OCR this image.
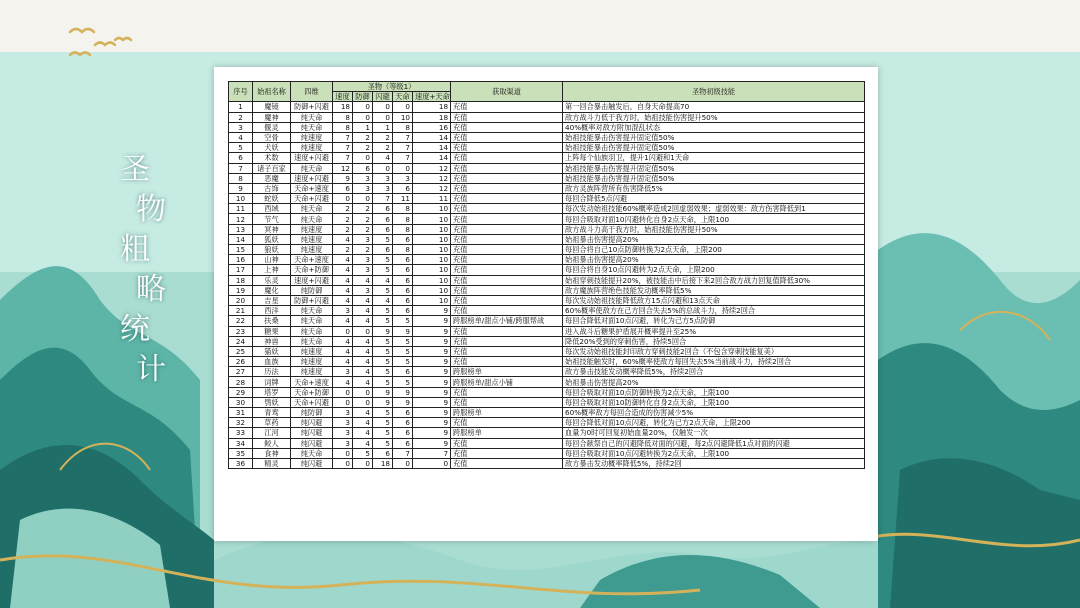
圣
物
粗
略
统
计
序号	始祖名称	四维	圣物（等级1）					获取渠道	圣物初级技能
			速度	防御	闪避	天命	速度+天命		
1	魔镜	防御+闪避	18	0	0	0	18	充值	第一回合暴击触发后，自身天命提高70
2	魔神	纯天命	8	0	0	10	18	充值	敌方战斗力低于我方时，始祖技能伤害提升50%
3	偃灵	纯天命	8	1	1	8	16	充值	40%概率对敌方附加混乱状态
4	空骨	纯速度	7	2	2	7	14	充值	始祖技能暴击伤害提升固定值50%
5	犬妖	纯速度	7	2	2	7	14	充值	始祖技能暴击伤害提升固定值50%
6	术数	速度+闪避	7	0	4	7	14	充值	上阵每个仙族羽卫，提升1闪避和1天命
7	诸子百家	纯天命	12	6	0	0	12	充值	始祖技能暴击伤害提升固定值50%
8	恶魔	速度+闪避	9	3	3	3	12	充值	始祖技能暴击伤害提升固定值50%
9	古饰	天命+速度	6	3	3	6	12	充值	敌方灵族阵营所有伤害降低5%
10	蛇妖	天命+闪避	0	0	7	11	11	充值	每回合降低5点闪避
11	西域	纯天命	2	2	6	8	10	充值	每次发动始祖技能60%概率造成2回虚弱效果；虚弱效果：敌方伤害降低到1
12	节气	纯天命	2	2	6	8	10	充值	每回合吸取对面10闪避转化自身2点天命，上限100
13	冥神	纯速度	2	2	6	8	10	充值	敌方战斗力高于我方时，始祖技能伤害提升50%
14	狐妖	纯速度	4	3	5	6	10	充值	始祖暴击伤害提高20%
15	狼妖	纯速度	2	2	6	8	10	充值	每回合将自己10点防御转换为2点天命，上限200
16	山神	天命+速度	4	3	5	6	10	充值	始祖暴击伤害提高20%
17	上神	天命+防御	4	3	5	6	10	充值	每回合将自身10点闪避转为2点天命，上限200
18	乐灵	速度+闪避	4	4	4	6	10	充值	始祖穿刺技能提升20%，被技能击中后接下来2回合敌方战力回复值降低30%
19	魔化	纯防御	4	3	5	6	10	充值	敌方魔族阵营绝色技能发动概率降低5%
20	吉星	防御+闪避	4	4	4	6	10	充值	每次发动始祖技能降低敌方15点闪避和13点天命
21	西洋	纯天命	3	4	5	6	9	充值	60%概率使敌方在己方回合失去5%的总战斗力，持续2回合
22	扶桑	纯天命	4	4	5	5	9	跨服榜单/甜点小铺/跨服帮战	每回合降低对面10点闪避，转化为己方5点防御
23	糖果	纯天命	0	0	9	9	9	充值	进入战斗后糖果护盾展开概率提升至25%
24	神兽	纯天命	4	4	5	5	9	充值	降低20%受到的穿刺伤害，持续5回合
25	猫妖	纯速度	4	4	5	5	9	充值	每次发动始祖技能封印敌方穿刺技能2回合（不包含穿刺技能复美）
26	血族	纯速度	4	4	5	5	9	充值	始祖技能触发时，60%概率使敌方每回失去5%当前战斗力，持续2回合
27	历法	纯速度	3	4	5	6	9	跨服榜单	敌方暴击技能发动概率降低5%，持续2回合
28	词牌	天命+速度	4	4	5	5	9	跨服榜单/甜点小铺	始祖暴击伤害提高20%
29	塔罗	天命+防御	0	0	9	9	9	充值	每回合吸取对面10点防御转换为2点天命，上限100
30	鸮妖	天命+闪避	0	0	9	9	9	充值	每回合吸取对面10防御转化自身2点天命，上限100
31	青鸾	纯防御	3	4	5	6	9	跨服榜单	60%概率敌方每回合造成的伤害减少5%
32	草药	纯闪避	3	4	5	6	9	充值	每回合降低对面10点闪避，转化为己方2点天命，上限200
33	江河	纯闪避	3	4	5	6	9	跨服榜单	血量为0时可回复初始血量20%，仅触发一次
34	鲛人	纯闪避	3	4	5	6	9	充值	每回合献祭自己的闪避降低对面的闪避，每2点闪避降低1点对面的闪避
35	食神	纯天命	0	5	6	7	7	充值	每回合吸取对面10点闪避转换为2点天命，上限100
36	精灵	纯闪避	0	0	18	0	0	充值	敌方暴击发动概率降低5%，持续2回
